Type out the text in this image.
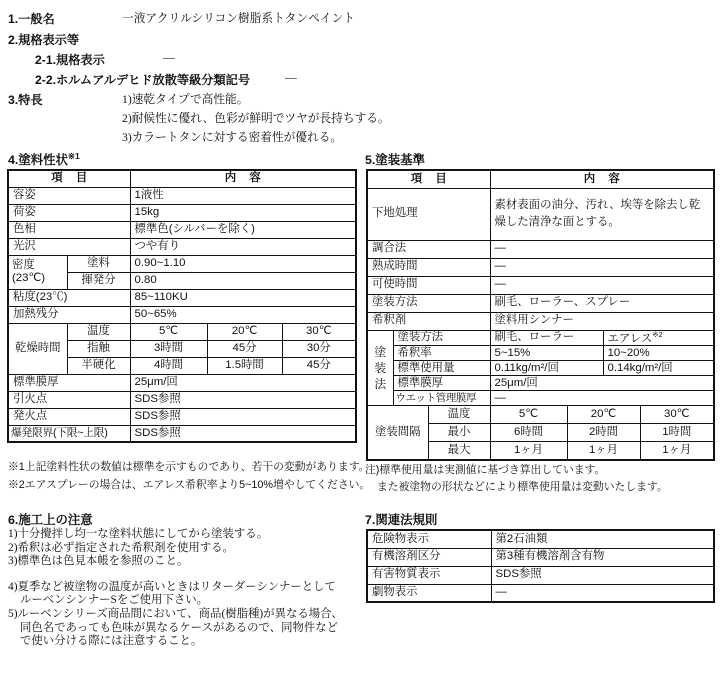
1.一般名	一液アクリルシリコン樹脂系トタンペイント
2.規格表示等
2-1.規格表示	―
2-2.ホルムアルデヒド放散等級分類記号	―
3.特長	1)速乾タイプで高性能。
2)耐候性に優れ、色彩が鮮明でツヤが長持ちする。
3)カラートタンに対する密着性が優れる。
4.塗料性状$^{※1}$
項 目		内 容		
容姿		1液性		
荷姿		15kg		
色相		標準色(シルバーを除く)		
光沢		つや有り		

密度
(23℃)	塗料	0.90~1.10		
	揮発分	0.80		
粘度(23℃)		85~110KU		
加熱残分		50~65%		
乾燥時間	温度	5℃	20℃	30℃
	指触	3時間	45分	30分
	半硬化	4時間	1.5時間	45分
標準膜厚		25μm/回		
引火点		SDS参照		
発火点		SDS参照		
爆発限界(下限~上限)		SDS参照		
※1上記塗料性状の数値は標準を示すものであり、若干の変動があります。
※2エアスプレーの場合は、エアレス希釈率より5~10%増やしてください。
6.施工上の注意
1)十分攪拌し均一な塗料状態にしてから塗装する。
2)希釈は必ず指定された希釈剤を使用する。
3)標準色は色見本帳を参照のこと。
4)夏季など被塗物の温度が高いときはリターダーシンナーとして
ルーベンシンナーSをご使用下さい。
5)ルーベンシリーズ商品間において、商品(樹脂種)が異なる場合、
同色名であっても色味が異なるケースがあるので、同物件など
で使い分ける際には注意すること。
5.塗装基準
項 目			内 容			
下地処理			素材表面の油分、汚れ、埃等を除去し乾燥した清浄な面とする。			
調合法			―			
熟成時間			―			
可使時間			―			
塗装方法			刷毛、ローラー、スプレー			
希釈剤			塗料用シンナー			

塗
装
法	塗装方法		刷毛、ローラー		エアレス$^{※2}$
	希釈率		5~15%		10~20%	
	標準使用量		0.11kg/m²/回		0.14kg/m²/回	
	標準膜厚		25μm/回			
	ウエット管理膜厚		―			
塗装間隔		温度	5℃	20℃		30℃
		最小	6時間	2時間		1時間
		最大	1ヶ月	1ヶ月		1ヶ月
注)標準使用量は実測値に基づき算出しています。
また被塗物の形状などにより標準使用量は変動いたします。
7.関連法規則
危険物表示	第2石油類
有機溶剤区分	第3種有機溶剤含有物
有害物質表示	SDS参照
劇物表示	―
